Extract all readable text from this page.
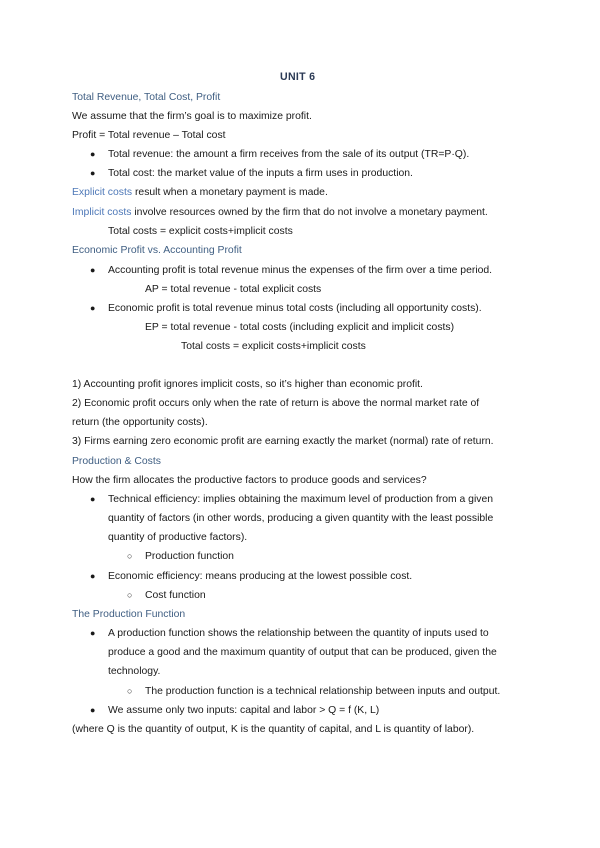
UNIT 6
Total Revenue, Total Cost, Profit
We assume that the firm’s goal is to maximize profit.
Profit = Total revenue – Total cost
● Total revenue: the amount a firm receives from the sale of its output (TR=P·Q).
● Total cost: the market value of the inputs a firm uses in production.
Explicit costs result when a monetary payment is made.
Implicit costs involve resources owned by the firm that do not involve a monetary payment.
Total costs = explicit costs+implicit costs
Economic Profit vs. Accounting Profit
● Accounting profit is total revenue minus the expenses of the firm over a time period.
AP = total revenue - total explicit costs
● Economic profit is total revenue minus total costs (including all opportunity costs).
EP = total revenue - total costs (including explicit and implicit costs)
Total costs = explicit costs+implicit costs
1) Accounting profit ignores implicit costs, so it’s higher than economic profit.
2) Economic profit occurs only when the rate of return is above the normal market rate of
return (the opportunity costs).
3) Firms earning zero economic profit are earning exactly the market (normal) rate of return.
Production & Costs
How the firm allocates the productive factors to produce goods and services?
● Technical efficiency: implies obtaining the maximum level of production from a given
quantity of factors (in other words, producing a given quantity with the least possible
quantity of productive factors).
○ Production function
● Economic efficiency: means producing at the lowest possible cost.
○ Cost function
The Production Function
● A production function shows the relationship between the quantity of inputs used to
produce a good and the maximum quantity of output that can be produced, given the
technology.
○ The production function is a technical relationship between inputs and output.
● We assume only two inputs: capital and labor > Q = f (K, L)
(where Q is the quantity of output, K is the quantity of capital, and L is quantity of labor).
